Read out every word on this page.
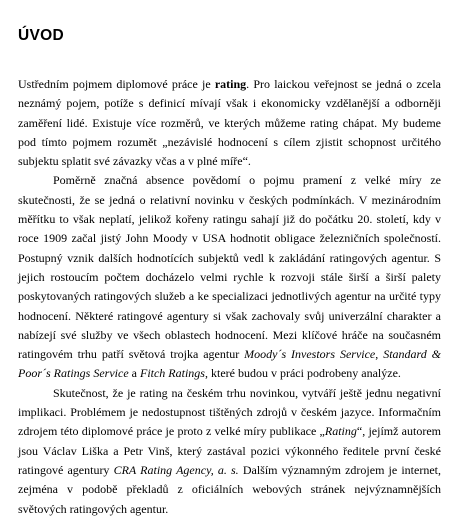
ÚVOD

Ustředním pojmem diplomové práce je rating. Pro laickou veřejnost se jedná o zcela neznámý pojem, potíže s definicí mívají však i ekonomicky vzdělanější a odborněji zaměření lidé. Existuje více rozměrů, ve kterých můžeme rating chápat. My budeme pod tímto pojmem rozumět „nezávislé hodnocení s cílem zjistit schopnost určitého subjektu splatit své závazky včas a v plné míře“.

Poměrně značná absence povědomí o pojmu pramení z velké míry ze skutečnosti, že se jedná o relativní novinku v českých podmínkách. V mezinárodním měřítku to však neplatí, jelikož kořeny ratingu sahají již do počátku 20. století, kdy v roce 1909 začal jistý John Moody v USA hodnotit obligace železničních společností. Postupný vznik dalších hodnotících subjektů vedl k zakládání ratingových agentur. S jejich rostoucím počtem docházelo velmi rychle k rozvoji stále širší a širší palety poskytovaných ratingových služeb a ke specializaci jednotlivých agentur na určité typy hodnocení. Některé ratingové agentury si však zachovaly svůj univerzální charakter a nabízejí své služby ve všech oblastech hodnocení. Mezi klíčové hráče na současném ratingovém trhu patří světová trojka agentur Moody´s Investors Service, Standard & Poor´s Ratings Service a Fitch Ratings, které budou v práci podrobeny analýze.

Skutečnost, že je rating na českém trhu novinkou, vytváří ještě jednu negativní implikaci. Problémem je nedostupnost tištěných zdrojů v českém jazyce. Informačním zdrojem této diplomové práce je proto z velké míry publikace „Rating“, jejímž autorem jsou Václav Liška a Petr Vinš, který zastával pozici výkonného ředitele první české ratingové agentury CRA Rating Agency, a. s. Dalším významným zdrojem je internet, zejména v podobě překladů z oficiálních webových stránek nejvýznamnějších světových ratingových agentur.
